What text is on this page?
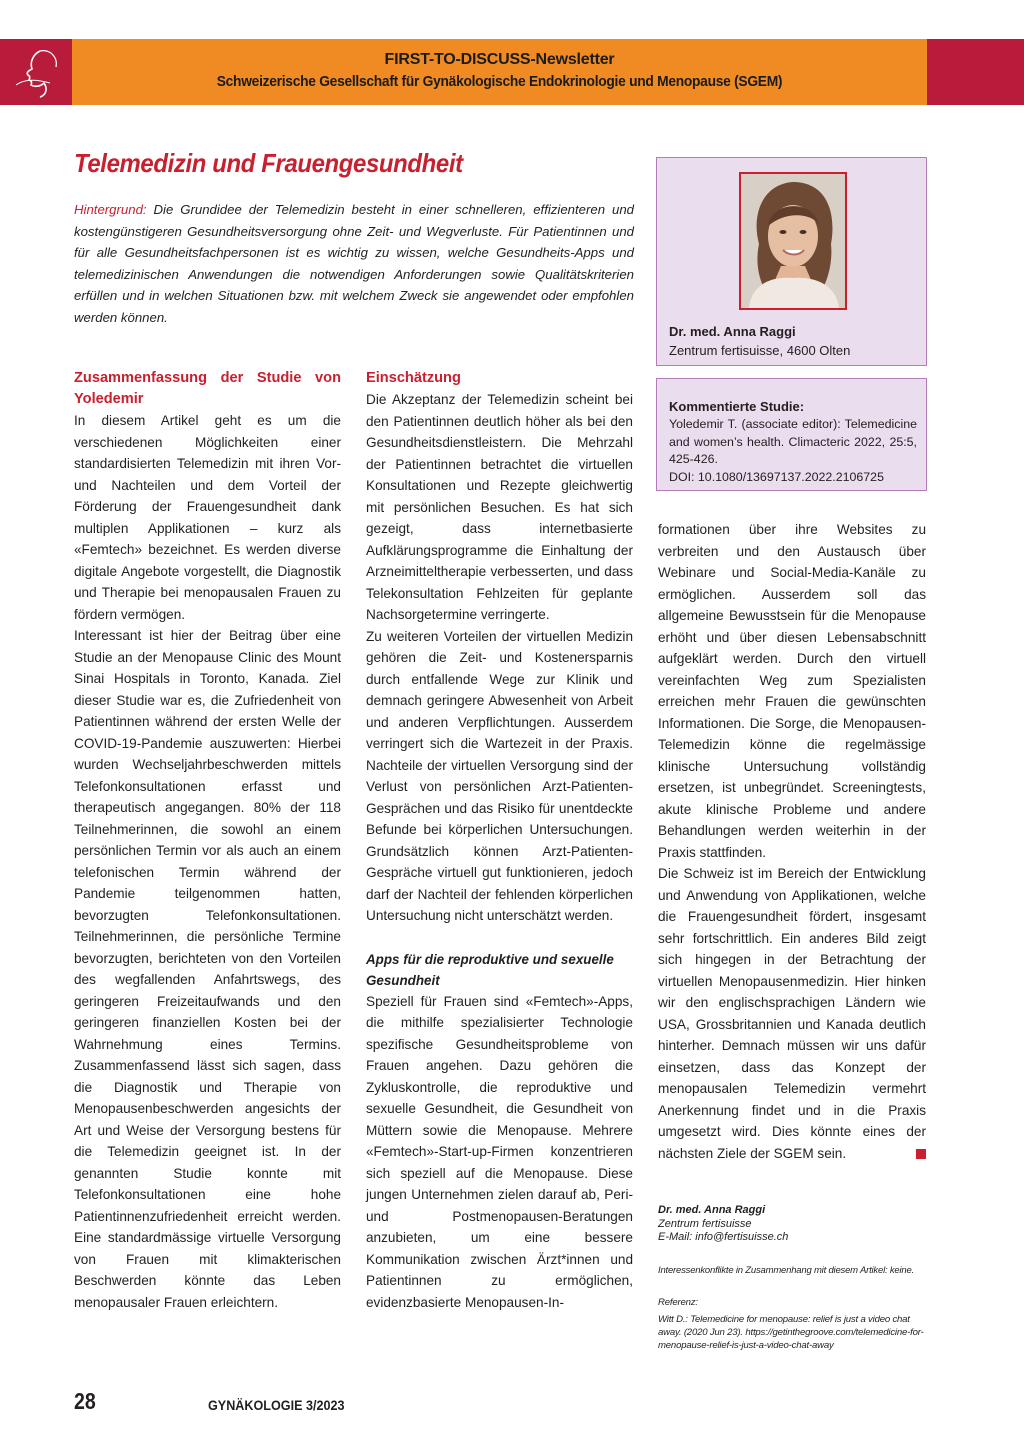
FIRST-TO-DISCUSS-Newsletter
Schweizerische Gesellschaft für Gynäkologische Endokrinologie und Menopause (SGEM)
Telemedizin und Frauengesundheit

Hintergrund: Die Grundidee der Telemedizin besteht in einer schnelleren, effizienteren und kostengünstigeren Gesundheitsversorgung ohne Zeit- und Wegverluste. Für Patientinnen und für alle Gesundheitsfachpersonen ist es wichtig zu wissen, welche Gesundheits-Apps und telemedizinischen Anwendungen die notwendigen Anforderungen sowie Qualitätskriterien erfüllen und in welchen Situationen bzw. mit welchem Zweck sie angewendet oder empfohlen werden können.

Dr. med. Anna Raggi
Zentrum fertisuisse, 4600 Olten
Kommentierte Studie:
Yoledemir T. (associate editor): Telemedicine and women’s health. Climacteric 2022, 25:5, 425-426.
DOI: 10.1080/13697137.2022.2106725
Zusammenfassung der Studie von Yoledemir

In diesem Artikel geht es um die verschiedenen Möglichkeiten einer standardisierten Telemedizin mit ihren Vor- und Nachteilen und dem Vorteil der Förderung der Frauengesundheit dank multiplen Applikationen – kurz als «Femtech» bezeichnet. Es werden diverse digitale Angebote vorgestellt, die Diagnostik und Therapie bei menopausalen Frauen zu fördern vermögen.

Interessant ist hier der Beitrag über eine Studie an der Menopause Clinic des Mount Sinai Hospitals in Toronto, Kanada. Ziel dieser Studie war es, die Zufriedenheit von Patientinnen während der ersten Welle der COVID-19-Pandemie auszuwerten: Hierbei wurden Wechseljahrbeschwerden mittels Telefonkonsultationen erfasst und therapeutisch angegangen. 80% der 118 Teilnehmerinnen, die sowohl an einem persönlichen Termin vor als auch an einem telefonischen Termin während der Pandemie teilgenommen hatten, bevorzugten Telefonkonsultationen. Teilnehmerinnen, die persönliche Termine bevorzugten, berichteten von den Vorteilen des wegfallenden Anfahrtswegs, des geringeren Freizeitaufwands und den geringeren finanziellen Kosten bei der Wahrnehmung eines Termins. Zusammenfassend lässt sich sagen, dass die Diagnostik und Therapie von Menopausenbeschwerden angesichts der Art und Weise der Versorgung bestens für die Telemedizin geeignet ist. In der genannten Studie konnte mit Telefonkonsultationen eine hohe Patientinnenzufriedenheit erreicht werden. Eine standardmässige virtuelle Versorgung von Frauen mit klimakterischen Beschwerden könnte das Leben menopausaler Frauen erleichtern.

Einschätzung

Die Akzeptanz der Telemedizin scheint bei den Patientinnen deutlich höher als bei den Gesundheitsdienstleistern. Die Mehrzahl der Patientinnen betrachtet die virtuellen Konsultationen und Rezepte gleichwertig mit persönlichen Besuchen. Es hat sich gezeigt, dass internetbasierte Aufklärungsprogramme die Einhaltung der Arzneimitteltherapie verbesserten, und dass Telekonsultation Fehlzeiten für geplante Nachsorgetermine verringerte.

Zu weiteren Vorteilen der virtuellen Medizin gehören die Zeit- und Kostenersparnis durch entfallende Wege zur Klinik und demnach geringere Abwesenheit von Arbeit und anderen Verpflichtungen. Ausserdem verringert sich die Wartezeit in der Praxis. Nachteile der virtuellen Versorgung sind der Verlust von persönlichen Arzt-Patienten-Gesprächen und das Risiko für unentdeckte Befunde bei körperlichen Untersuchungen. Grundsätzlich können Arzt-Patienten-Gespräche virtuell gut funktionieren, jedoch darf der Nachteil der fehlenden körperlichen Untersuchung nicht unterschätzt werden.

Apps für die reproduktive und sexuelle Gesundheit

Speziell für Frauen sind «Femtech»-Apps, die mithilfe spezialisierter Technologie spezifische Gesundheitsprobleme von Frauen angehen. Dazu gehören die Zykluskontrolle, die reproduktive und sexuelle Gesundheit, die Gesundheit von Müttern sowie die Menopause. Mehrere «Femtech»-Start-up-Firmen konzentrieren sich speziell auf die Menopause. Diese jungen Unternehmen zielen darauf ab, Peri- und Postmenopausen-Beratungen anzubieten, um eine bessere Kommunikation zwischen Ärzt*innen und Patientinnen zu ermöglichen, evidenzbasierte Menopausen-In-

formationen über ihre Websites zu verbreiten und den Austausch über Webinare und Social-Media-Kanäle zu ermöglichen. Ausserdem soll das allgemeine Bewusstsein für die Menopause erhöht und über diesen Lebensabschnitt aufgeklärt werden. Durch den virtuell vereinfachten Weg zum Spezialisten erreichen mehr Frauen die gewünschten Informationen. Die Sorge, die Menopausen-Telemedizin könne die regelmässige klinische Untersuchung vollständig ersetzen, ist unbegründet. Screeningtests, akute klinische Probleme und andere Behandlungen werden weiterhin in der Praxis stattfinden.

Die Schweiz ist im Bereich der Entwicklung und Anwendung von Applikationen, welche die Frauengesundheit fördert, insgesamt sehr fortschrittlich. Ein anderes Bild zeigt sich hingegen in der Betrachtung der virtuellen Menopausenmedizin. Hier hinken wir den englischsprachigen Ländern wie USA, Grossbritannien und Kanada deutlich hinterher. Demnach müssen wir uns dafür einsetzen, dass das Konzept der menopausalen Telemedizin vermehrt Anerkennung findet und in die Praxis umgesetzt wird. Dies könnte eines der nächsten Ziele der SGEM sein.

Dr. med. Anna Raggi
Zentrum fertisuisse
E-Mail: info@fertisuisse.ch
Interessenkonflikte in Zusammenhang mit diesem Artikel: keine.
Referenz:
Witt D.: Telemedicine for menopause: relief is just a video chat away. (2020 Jun 23). https://getinthegroove.com/telemedicine-for-menopause-relief-is-just-a-video-chat-away
28	GYNÄKOLOGIE 3/2023
